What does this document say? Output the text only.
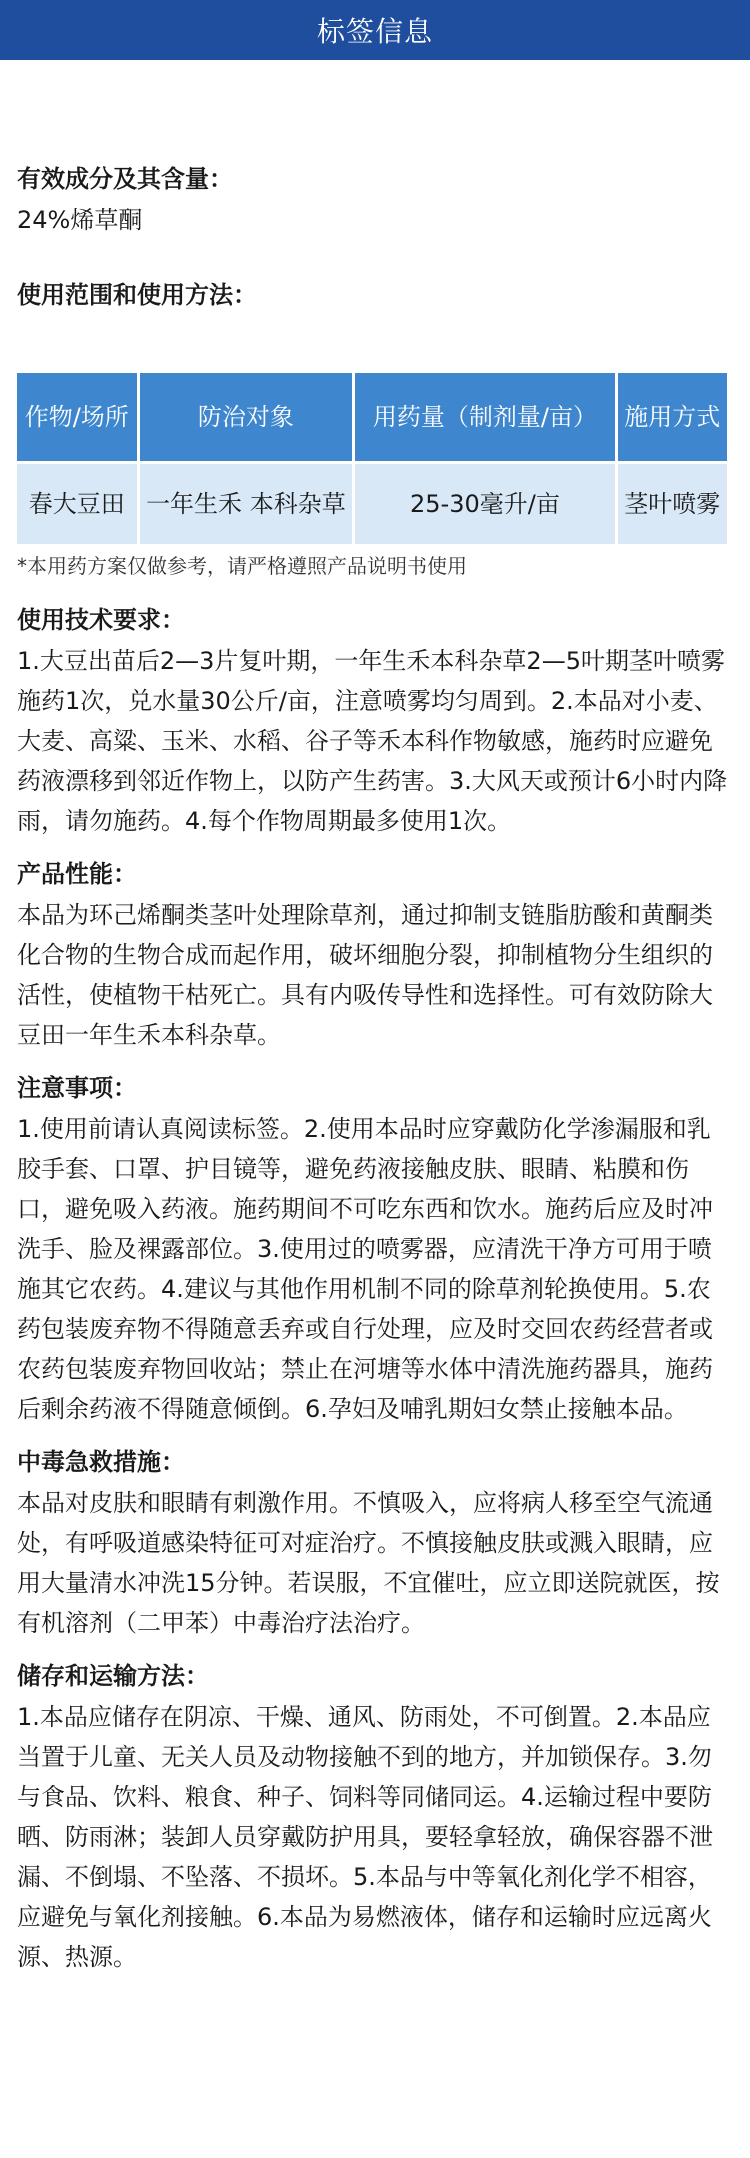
标签信息

有效成分及其含量：

24%烯草酮

使用范围和使用方法：

作物/场所	防治对象	用药量（制剂量/亩）	施用方式
春大豆田	一年生禾 本科杂草	25-30毫升/亩	茎叶喷雾

*本用药方案仅做参考，请严格遵照产品说明书使用

使用技术要求：

1.大豆出苗后2—3片复叶期，一年生禾本科杂草2—5叶期茎叶喷雾施药1次，兑水量30公斤/亩，注意喷雾均匀周到。2.本品对小麦、大麦、高粱、玉米、水稻、谷子等禾本科作物敏感，施药时应避免药液漂移到邻近作物上，以防产生药害。3.大风天或预计6小时内降雨，请勿施药。4.每个作物周期最多使用1次。

产品性能：

本品为环己烯酮类茎叶处理除草剂，通过抑制支链脂肪酸和黄酮类化合物的生物合成而起作用，破坏细胞分裂，抑制植物分生组织的活性，使植物干枯死亡。具有内吸传导性和选择性。可有效防除大豆田一年生禾本科杂草。

注意事项：

1.使用前请认真阅读标签。2.使用本品时应穿戴防化学渗漏服和乳胶手套、口罩、护目镜等，避免药液接触皮肤、眼睛、粘膜和伤口，避免吸入药液。施药期间不可吃东西和饮水。施药后应及时冲洗手、脸及裸露部位。3.使用过的喷雾器，应清洗干净方可用于喷施其它农药。4.建议与其他作用机制不同的除草剂轮换使用。5.农药包装废弃物不得随意丢弃或自行处理，应及时交回农药经营者或农药包装废弃物回收站；禁止在河塘等水体中清洗施药器具，施药后剩余药液不得随意倾倒。6.孕妇及哺乳期妇女禁止接触本品。

中毒急救措施：

本品对皮肤和眼睛有刺激作用。不慎吸入，应将病人移至空气流通处，有呼吸道感染特征可对症治疗。不慎接触皮肤或溅入眼睛，应用大量清水冲洗15分钟。若误服，不宜催吐，应立即送院就医，按有机溶剂（二甲苯）中毒治疗法治疗。

储存和运输方法：

1.本品应储存在阴凉、干燥、通风、防雨处，不可倒置。2.本品应当置于儿童、无关人员及动物接触不到的地方，并加锁保存。3.勿与食品、饮料、粮食、种子、饲料等同储同运。4.运输过程中要防晒、防雨淋；装卸人员穿戴防护用具，要轻拿轻放，确保容器不泄漏、不倒塌、不坠落、不损坏。5.本品与中等氧化剂化学不相容，应避免与氧化剂接触。6.本品为易燃液体，储存和运输时应远离火源、热源。
